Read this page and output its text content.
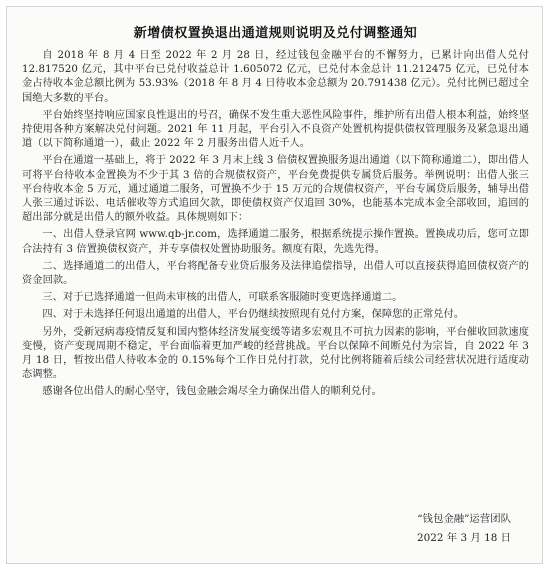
新增债权置换退出通道规则说明及兑付调整通知

自 2018 年 8 月 4 日至 2022 年 2 月 28 日，经过钱包金融平台的不懈努力，已累计向出借人兑付 12.817520 亿元，其中平台已兑付收益总计 1.605072 亿元，已兑付本金总计 11.212475 亿元，已兑付本金占待收本金总额比例为 53.93%（2018 年 8 月 4 日待收本金总额为 20.791438 亿元）。兑付比例已超过全国绝大多数的平台。

平台始终坚持响应国家良性退出的号召，确保不发生重大恶性风险事件，维护所有出借人根本利益，始终坚持使用各种方案解决兑付问题。2021 年 11 月起，平台引入不良资产处置机构提供债权管理服务及紧急退出通道（以下简称通道一），截止 2022 年 2 月服务出借人近千人。

平台在通道一基础上，将于 2022 年 3 月末上线 3 倍债权置换服务退出通道（以下简称通道二），即出借人可将平台待收本金置换为不少于其 3 倍的合规债权资产，平台免费提供专属贷后服务。举例说明：出借人张三平台待收本金 5 万元，通过通道二服务，可置换不少于 15 万元的合规债权资产，平台专属贷后服务，辅导出借人张三通过诉讼、电话催收等方式追回欠款，即使债权资产仅追回 30%，也能基本完成本金全部收回，追回的超出部分就是出借人的额外收益。具体规则如下：

一、出借人登录官网 www.qb-jr.com，选择通道二服务，根据系统提示操作置换。置换成功后，您可立即合法持有 3 倍置换债权资产，并专享债权处置协助服务。额度有限，先选先得。

二、选择通道二的出借人，平台将配备专业贷后服务及法律追偿指导，出借人可以直接获得追回债权资产的资金回款。

三、对于已选择通道一但尚未审核的出借人，可联系客服随时变更选择通道二。

四、对于未选择任何退出通道的出借人，平台仍继续按照现有兑付方案，保障您的正常兑付。

另外，受新冠病毒疫情反复和国内整体经济发展变缓等诸多宏观且不可抗力因素的影响，平台催收回款速度变慢，资产变现周期不稳定，平台面临着更加严峻的经营挑战。平台以保障不间断兑付为宗旨，自 2022 年 3 月 18 日，暂按出借人待收本金的 0.15%每个工作日兑付打款，兑付比例将随着后续公司经营状况进行适度动态调整。

感谢各位出借人的耐心坚守，钱包金融会竭尽全力确保出借人的顺利兑付。

“钱包金融”运营团队
2022 年 3 月 18 日
